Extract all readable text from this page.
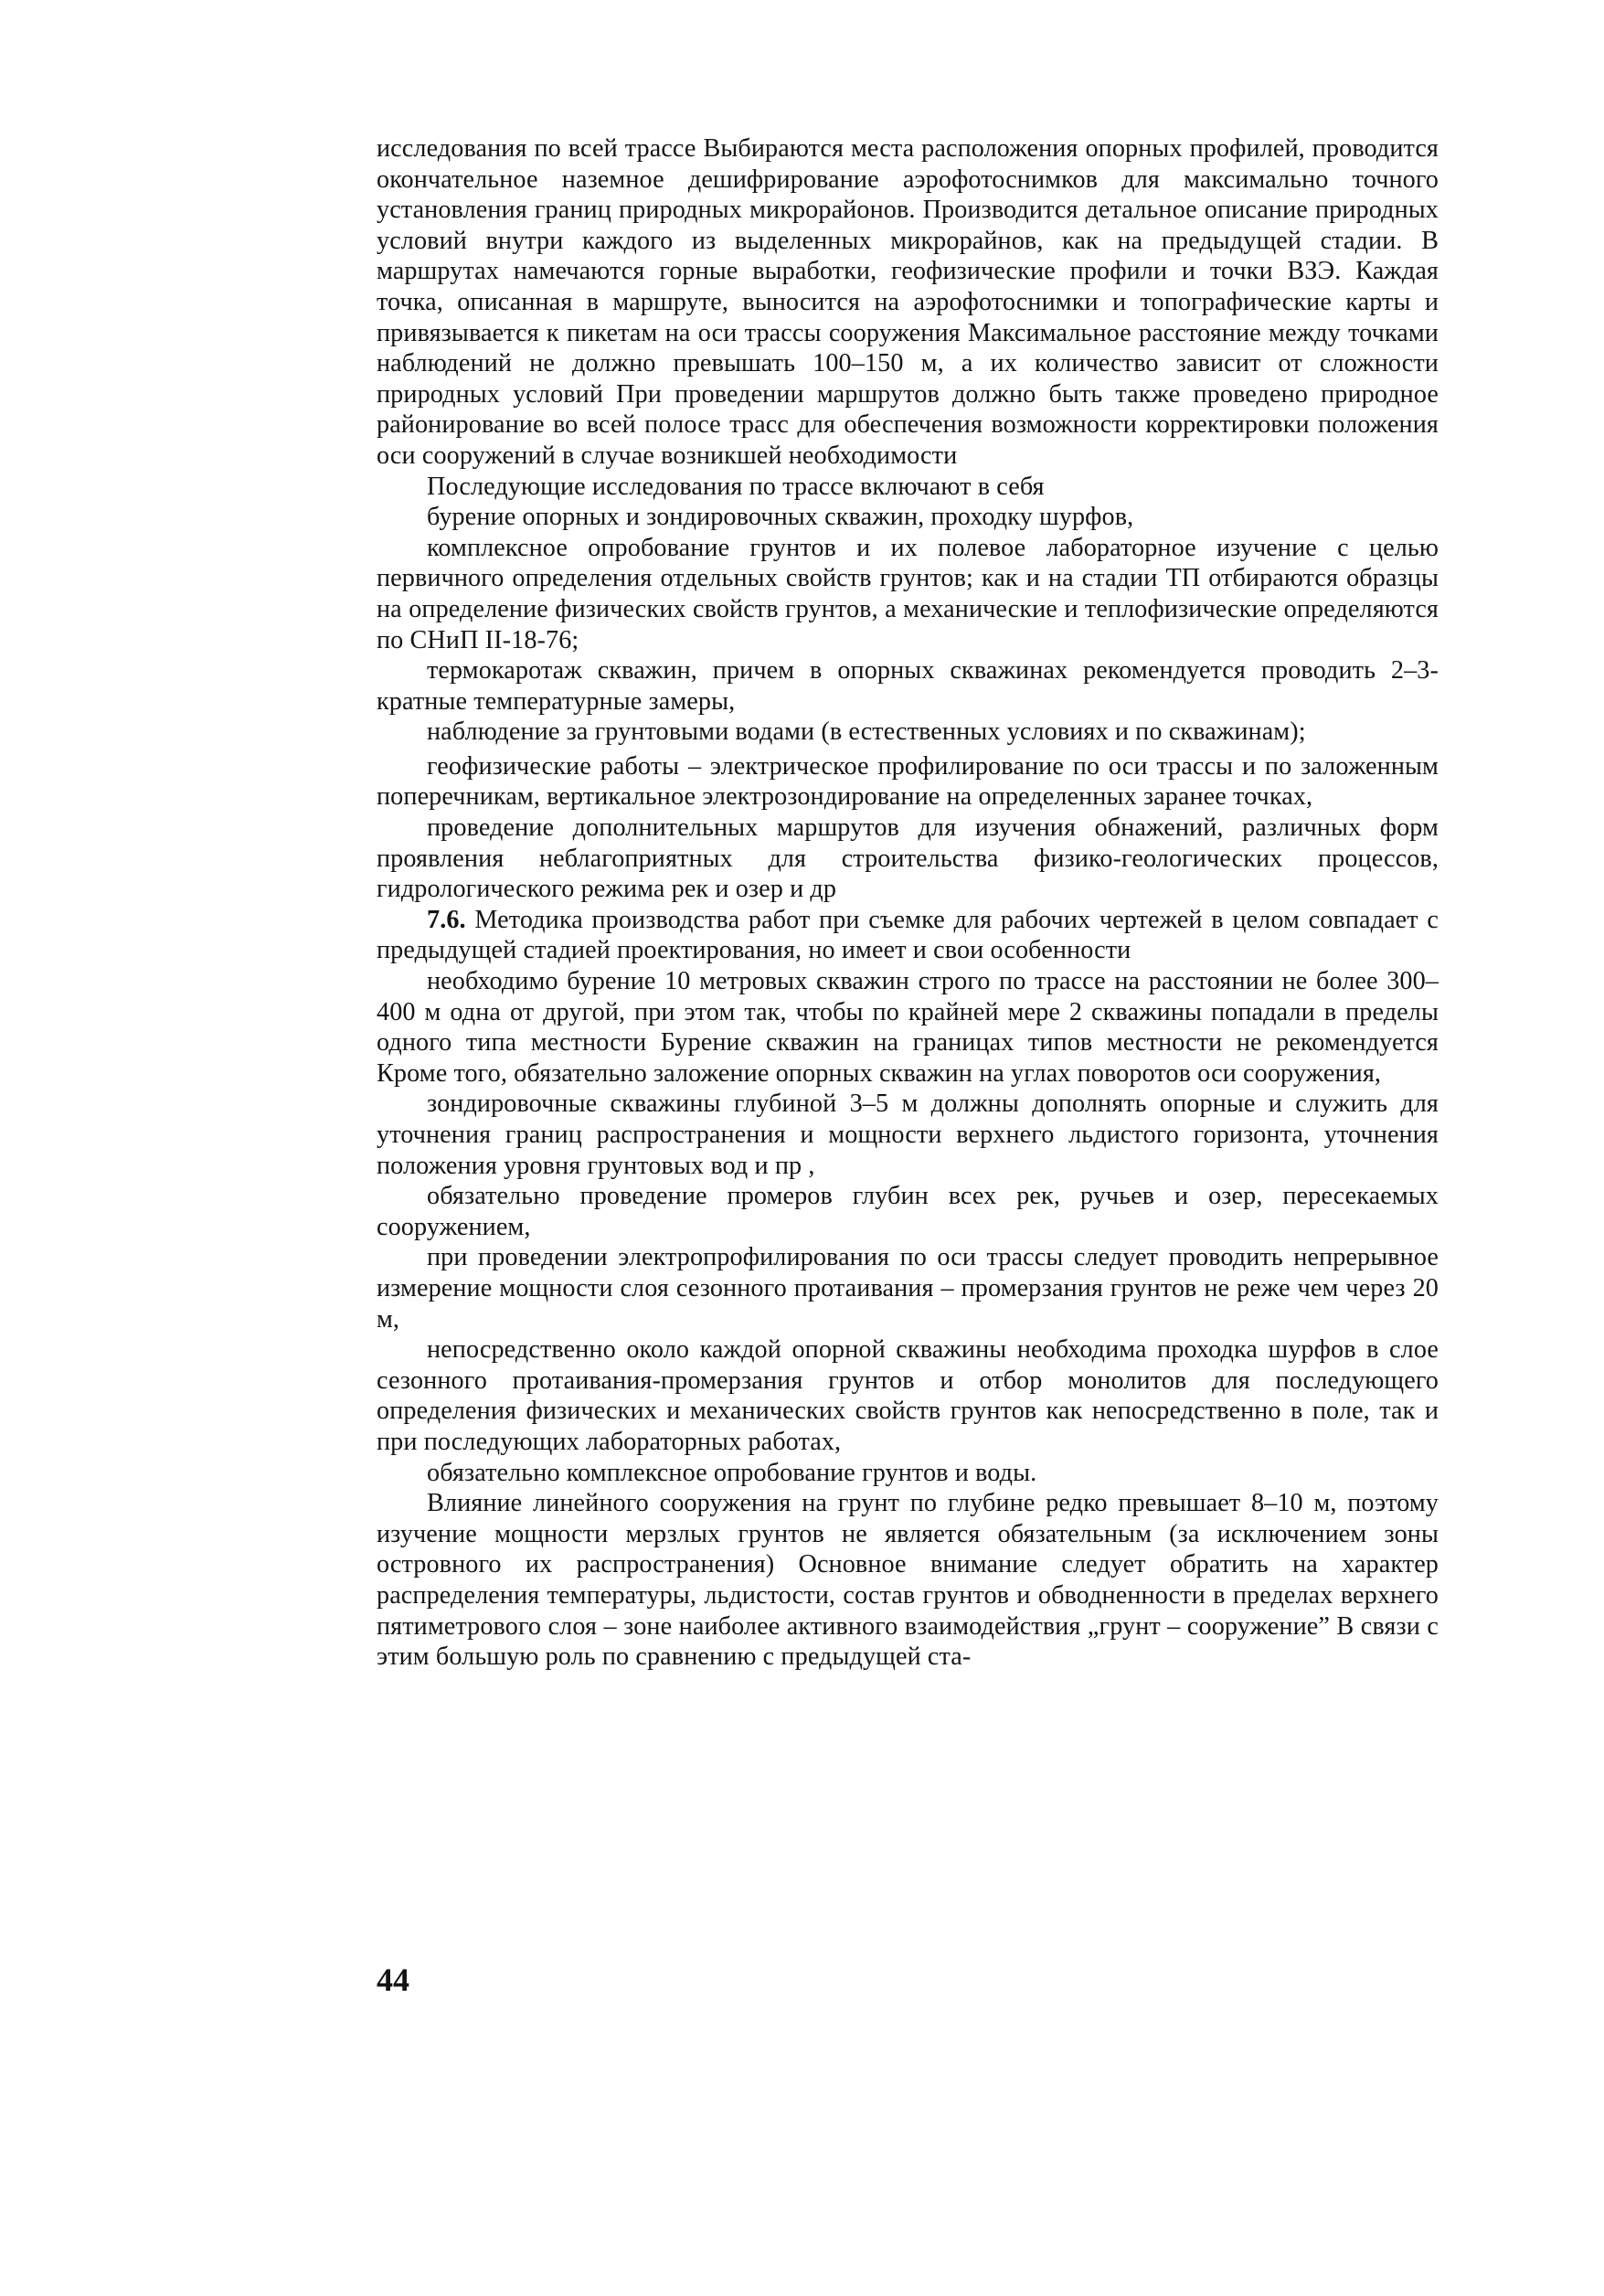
исследования по всей трассе Выбираются места расположения опорных профилей, проводится окончательное наземное дешифрирование аэрофотоснимков для максимально точного установления границ природных микрорайонов. Производится детальное описание природных условий внутри каждого из выделенных микрорайнов, как на предыдущей стадии. В маршрутах намечаются горные выработки, геофизические профили и точки ВЗЭ. Каждая точка, описанная в маршруте, выносится на аэрофотоснимки и топографические карты и привязывается к пикетам на оси трассы сооружения Максимальное расстояние между точками наблюдений не должно превышать 100–150 м, а их количество зависит от сложности природных условий При проведении маршрутов должно быть также проведено природное районирование во всей полосе трасс для обеспечения возможности корректировки положения оси сооружений в случае возникшей необходимости

Последующие исследования по трассе включают в себя

бурение опорных и зондировочных скважин, проходку шурфов,

комплексное опробование грунтов и их полевое лабораторное изучение с целью первичного определения отдельных свойств грунтов; как и на стадии ТП отбираются образцы на определение физических свойств грунтов, а механические и теплофизические определяются по СНиП II-18-76;

термокаротаж скважин, причем в опорных скважинах рекомендуется проводить 2–3-кратные температурные замеры,

наблюдение за грунтовыми водами (в естественных условиях и по скважинам);

геофизические работы – электрическое профилирование по оси трассы и по заложенным поперечникам, вертикальное электрозондирование на определенных заранее точках,

проведение дополнительных маршрутов для изучения обнажений, различных форм проявления неблагоприятных для строительства физико-геологических процессов, гидрологического режима рек и озер и др

7.6. Методика производства работ при съемке для рабочих чертежей в целом совпадает с предыдущей стадией проектирования, но имеет и свои особенности

необходимо бурение 10 метровых скважин строго по трассе на расстоянии не более 300–400 м одна от другой, при этом так, чтобы по крайней мере 2 скважины попадали в пределы одного типа местности Бурение скважин на границах типов местности не рекомендуется Кроме того, обязательно заложение опорных скважин на углах поворотов оси сооружения,

зондировочные скважины глубиной 3–5 м должны дополнять опорные и служить для уточнения границ распространения и мощности верхнего льдистого горизонта, уточнения положения уровня грунтовых вод и пр ,

обязательно проведение промеров глубин всех рек, ручьев и озер, пересекаемых сооружением,

при проведении электропрофилирования по оси трассы следует проводить непрерывное измерение мощности слоя сезонного протаивания – промерзания грунтов не реже чем через 20 м,

непосредственно около каждой опорной скважины необходима проходка шурфов в слое сезонного протаивания-промерзания грунтов и отбор монолитов для последующего определения физических и механических свойств грунтов как непосредственно в поле, так и при последующих лабораторных работах,

обязательно комплексное опробование грунтов и воды.

Влияние линейного сооружения на грунт по глубине редко превышает 8–10 м, поэтому изучение мощности мерзлых грунтов не является обязательным (за исключением зоны островного их распространения) Основное внимание следует обратить на характер распределения температуры, льдистости, состав грунтов и обводненности в пределах верхнего пятиметрового слоя – зоне наиболее активного взаимодействия „грунт – сооружение” В связи с этим большую роль по сравнению с предыдущей ста-

44
